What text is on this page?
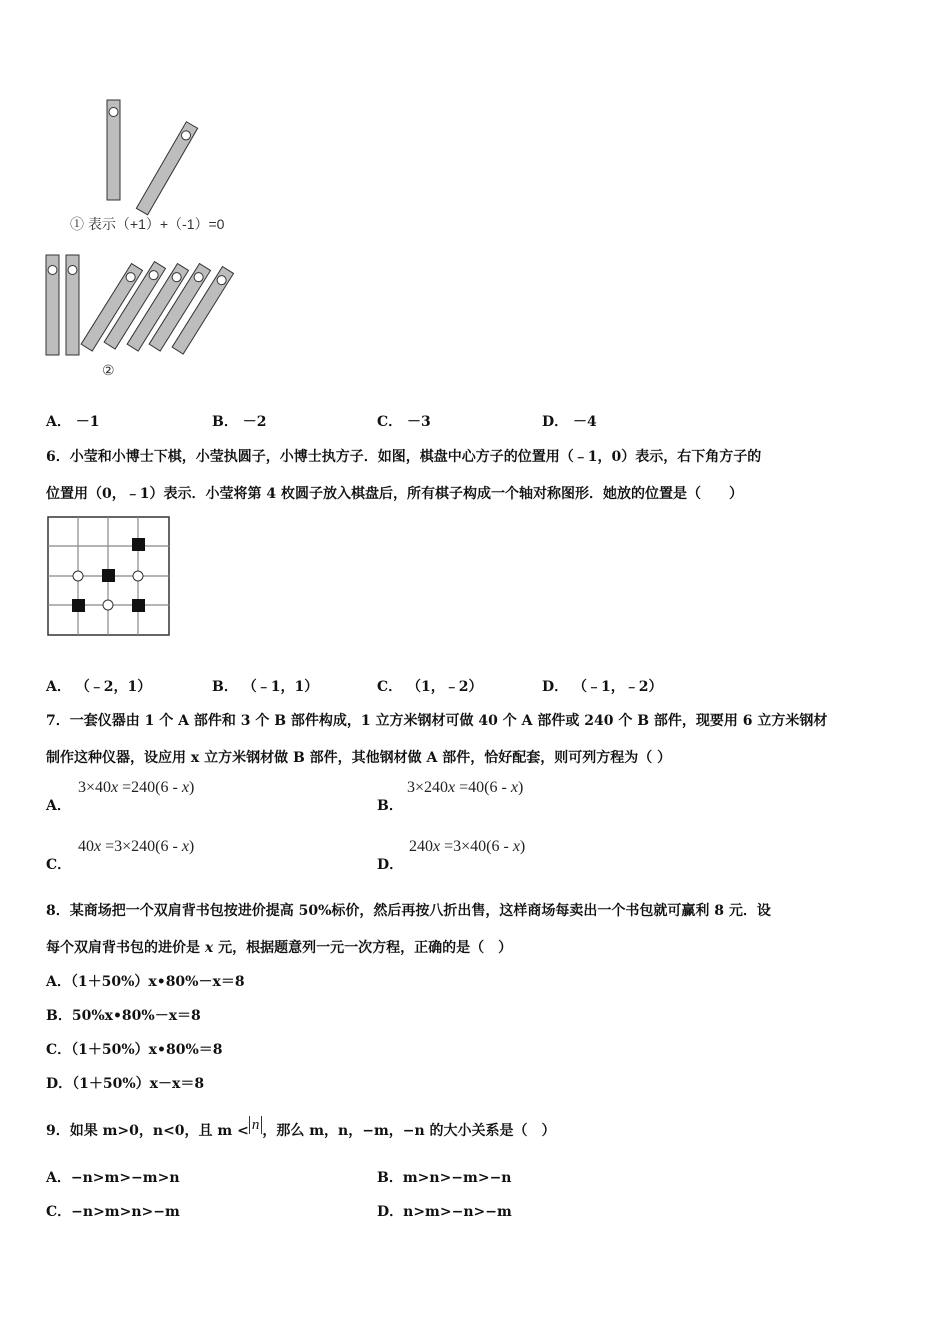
① 表示（+1）+（-1）=0
②
A． －1	B． －2	C． －3	D． －4
6．小莹和小博士下棋，小莹执圆子，小博士执方子．如图，棋盘中心方子的位置用（﹣1，0）表示，右下角方子的
位置用（0，﹣1）表示．小莹将第 4 枚圆子放入棋盘后，所有棋子构成一个轴对称图形．她放的位置是（　　）
A． （﹣2，1）	B． （﹣1，1）	C． （1，﹣2）	D． （﹣1，﹣2）
7．一套仪器由 1 个 A 部件和 3 个 B 部件构成，1 立方米钢材可做 40 个 A 部件或 240 个 B 部件，现要用 6 立方米钢材
制作这种仪器，设应用 x 立方米钢材做 B 部件，其他钢材做 A 部件，恰好配套，则可列方程为（ ）
A．
3×40x =240(6 - x)
B．
3×240x =40(6 - x)
C．
40x =3×240(6 - x)
D．
240x =3×40(6 - x)
8．某商场把一个双肩背书包按进价提高 50%标价，然后再按八折出售，这样商场每卖出一个书包就可赢利 8 元．设
每个双肩背书包的进价是 x 元，根据题意列一元一次方程，正确的是（　）
A．（1＋50%）x•80%－x＝8
B．50%x•80%－x＝8
C．（1＋50%）x•80%＝8
D．（1＋50%）x－x＝8
9．如果 m>0，n<0，且 m < n ，那么 m，n，−m，−n 的大小关系是（　）
A．−n>m>−m>n	B．m>n>−m>−n
C．−n>m>n>−m	D．n>m>−n>−m
